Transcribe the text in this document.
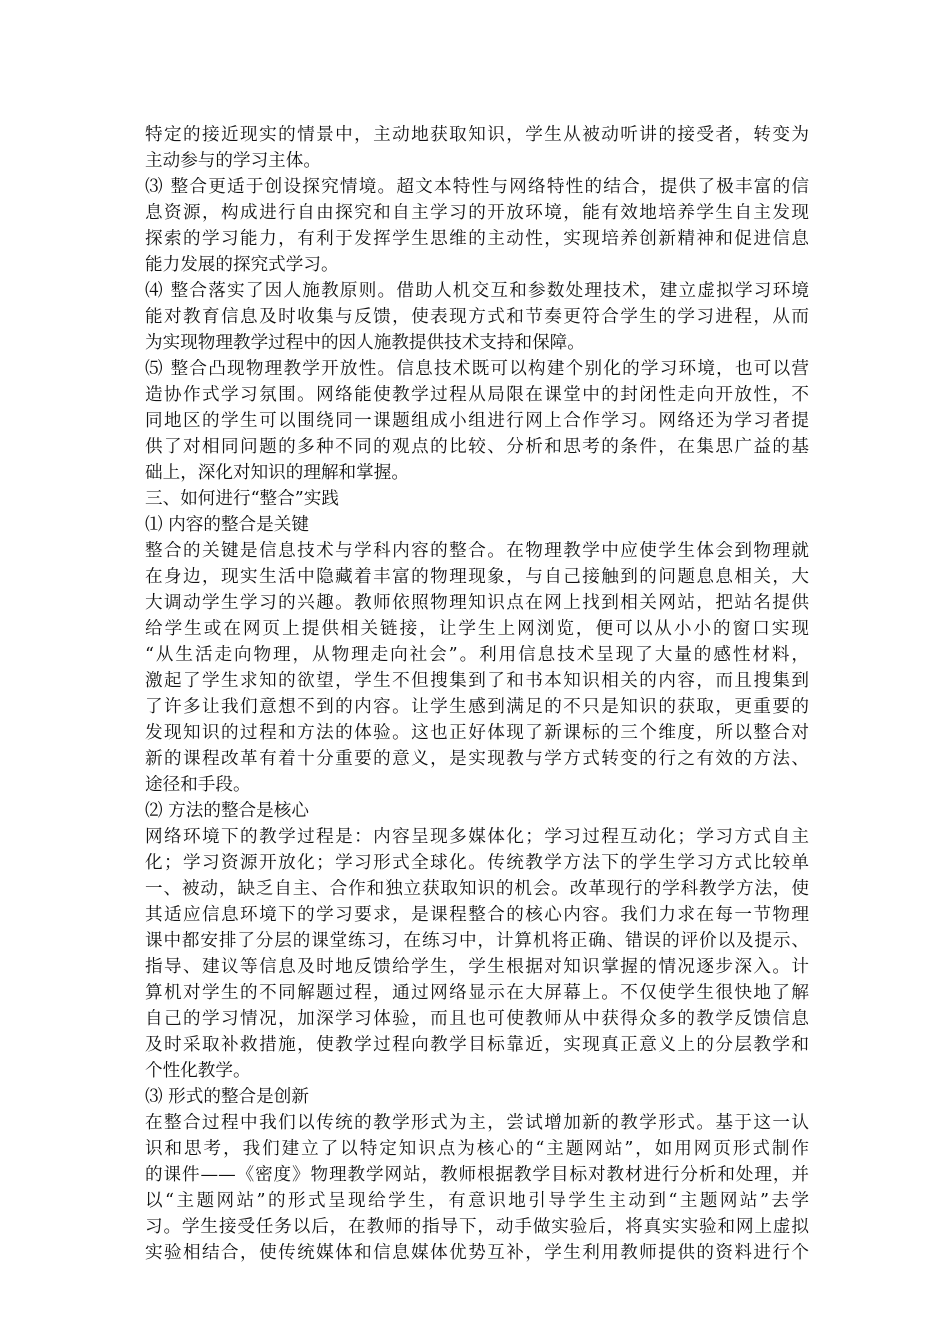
特定的接近现实的情景中，主动地获取知识，学生从被动听讲的接受者，转变为
主动参与的学习主体。
⑶ 整合更适于创设探究情境。超文本特性与网络特性的结合，提供了极丰富的信
息资源，构成进行自由探究和自主学习的开放环境，能有效地培养学生自主发现
探索的学习能力，有利于发挥学生思维的主动性，实现培养创新精神和促进信息
能力发展的探究式学习。
⑷ 整合落实了因人施教原则。借助人机交互和参数处理技术，建立虚拟学习环境
能对教育信息及时收集与反馈，使表现方式和节奏更符合学生的学习进程，从而
为实现物理教学过程中的因人施教提供技术支持和保障。
⑸ 整合凸现物理教学开放性。信息技术既可以构建个别化的学习环境，也可以营
造协作式学习氛围。网络能使教学过程从局限在课堂中的封闭性走向开放性，不
同地区的学生可以围绕同一课题组成小组进行网上合作学习。网络还为学习者提
供了对相同问题的多种不同的观点的比较、分析和思考的条件，在集思广益的基
础上，深化对知识的理解和掌握。
三、如何进行“整合”实践
⑴ 内容的整合是关键
整合的关键是信息技术与学科内容的整合。在物理教学中应使学生体会到物理就
在身边，现实生活中隐藏着丰富的物理现象，与自己接触到的问题息息相关，大
大调动学生学习的兴趣。教师依照物理知识点在网上找到相关网站，把站名提供
给学生或在网页上提供相关链接，让学生上网浏览，便可以从小小的窗口实现
“从生活走向物理，从物理走向社会”。利用信息技术呈现了大量的感性材料，
激起了学生求知的欲望，学生不但搜集到了和书本知识相关的内容，而且搜集到
了许多让我们意想不到的内容。让学生感到满足的不只是知识的获取，更重要的
发现知识的过程和方法的体验。这也正好体现了新课标的三个维度，所以整合对
新的课程改革有着十分重要的意义，是实现教与学方式转变的行之有效的方法、
途径和手段。
⑵ 方法的整合是核心
网络环境下的教学过程是：内容呈现多媒体化；学习过程互动化；学习方式自主
化；学习资源开放化；学习形式全球化。传统教学方法下的学生学习方式比较单
一、被动，缺乏自主、合作和独立获取知识的机会。改革现行的学科教学方法，使
其适应信息环境下的学习要求，是课程整合的核心内容。我们力求在每一节物理
课中都安排了分层的课堂练习，在练习中，计算机将正确、错误的评价以及提示、
指导、建议等信息及时地反馈给学生，学生根据对知识掌握的情况逐步深入。计
算机对学生的不同解题过程，通过网络显示在大屏幕上。不仅使学生很快地了解
自己的学习情况，加深学习体验，而且也可使教师从中获得众多的教学反馈信息
及时采取补救措施，使教学过程向教学目标靠近，实现真正意义上的分层教学和
个性化教学。
⑶ 形式的整合是创新
在整合过程中我们以传统的教学形式为主，尝试增加新的教学形式。基于这一认
识和思考，我们建立了以特定知识点为核心的“主题网站”，如用网页形式制作
的课件——《密度》物理教学网站，教师根据教学目标对教材进行分析和处理，并
以“主题网站”的形式呈现给学生，有意识地引导学生主动到“主题网站”去学
习。学生接受任务以后，在教师的指导下，动手做实验后，将真实实验和网上虚拟
实验相结合，使传统媒体和信息媒体优势互补，学生利用教师提供的资料进行个
